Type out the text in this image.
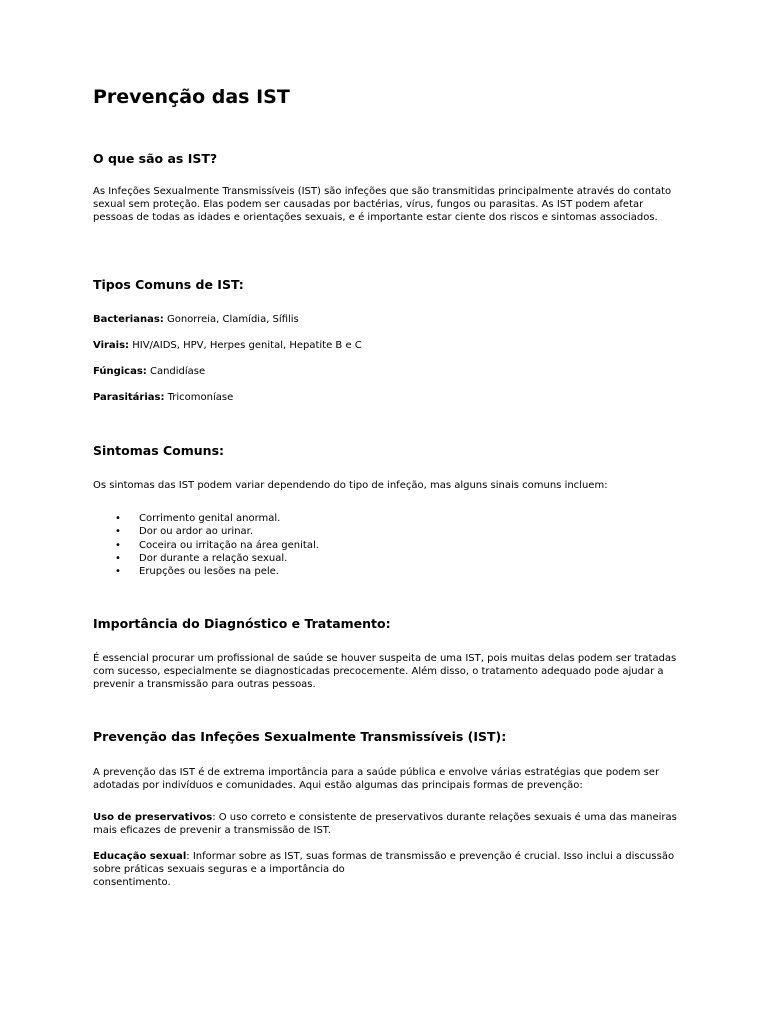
Prevenção das IST
O que são as IST?

As Infeções Sexualmente Transmissíveis (IST) são infeções que são transmitidas principalmente através do contato sexual sem proteção. Elas podem ser causadas por bactérias, vírus, fungos ou parasitas. As IST podem afetar pessoas de todas as idades e orientações sexuais, e é importante estar ciente dos riscos e sintomas associados.

Tipos Comuns de IST:

Bacterianas: Gonorreia, Clamídia, Sífilis

Virais: HIV/AIDS, HPV, Herpes genital, Hepatite B e C

Fúngicas: Candidíase

Parasitárias: Tricomoníase

Sintomas Comuns:

Os sintomas das IST podem variar dependendo do tipo de infeção, mas alguns sinais comuns incluem:

• Corrimento genital anormal.
• Dor ou ardor ao urinar.
• Coceira ou irritação na área genital.
• Dor durante a relação sexual.
• Erupções ou lesões na pele.
Importância do Diagnóstico e Tratamento:

É essencial procurar um profissional de saúde se houver suspeita de uma IST, pois muitas delas podem ser tratadas com sucesso, especialmente se diagnosticadas precocemente. Além disso, o tratamento adequado pode ajudar a prevenir a transmissão para outras pessoas.

Prevenção das Infeções Sexualmente Transmissíveis (IST):

A prevenção das IST é de extrema importância para a saúde pública e envolve várias estratégias que podem ser adotadas por indivíduos e comunidades. Aqui estão algumas das principais formas de prevenção:

Uso de preservativos: O uso correto e consistente de preservativos durante relações sexuais é uma das maneiras mais eficazes de prevenir a transmissão de IST.

Educação sexual: Informar sobre as IST, suas formas de transmissão e prevenção é crucial. Isso inclui a discussão sobre práticas sexuais seguras e a importância do
consentimento.
